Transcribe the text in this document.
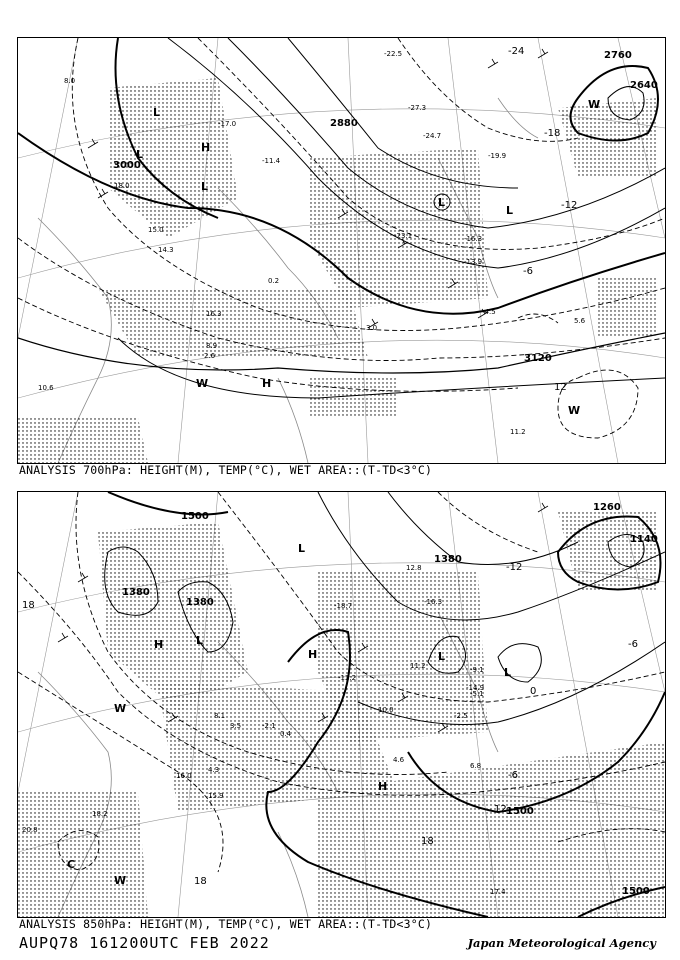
2760
2880
3000
3120
2640
-24
-18
-12
-6
12
L
L
L
L
L
H
H
W
W
W
-27.3
-22.5
-19.9
-24.7
-23.1	-16.3
-13.9
-4.5
5.6
8.9
10.6
11.2
3.0
16.3
-11.4
-17.0
0.2
2.6
15.0
14.3
18.0
8.0
ANALYSIS 700hPa: HEIGHT(M), TEMP(°C), WET AREA::(T-TD<3°C)
1500
1380
1380
1260
1140
1500
1500
1380
18
-6
-6
12
0
18
18
-12
L
L
L
L
H
H
H
W
W
C
-18.7	-16.3
-14.9
-12.2
-9.1
-5.1
-2.5
4.6
6.8
10.0
12.8
15.9
18.2
17.4
20.8
4.3
3.5	-2.1
0.4
8.1
16.0
11.2
ANALYSIS 850hPa: HEIGHT(M), TEMP(°C), WET AREA::(T-TD<3°C)
AUPQ78 161200UTC FEB 2022	Japan Meteorological Agency
